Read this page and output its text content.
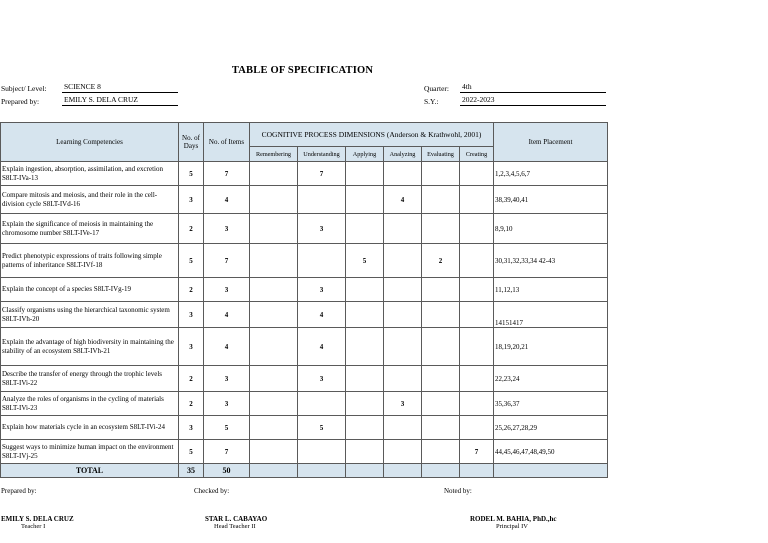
TABLE OF SPECIFICATION
Subject/ Level: SCIENCE 8
Prepared by:	EMILY S. DELA CRUZ
Quarter: 4th
S.Y.:	2022-2023
Learning Competencies	No. of Days	No. of Items	COGNITIVE PROCESS DIMENSIONS (Anderson & Krathwohl, 2001)						Item Placement
			Remembering	Understanding	Applying	Analyzing	Evaluating	Creating	
Explain ingestion, absorption, assimilation, and excretion S8LT-IVa-13	5	7		7					1,2,3,4,5,6,7
Compare mitosis and meiosis, and their role in the cell-division cycle S8LT-IVd-16	3	4				4			38,39,40,41
Explain the significance of meiosis in maintaining the chromosome number S8LT-IVe-17	2	3		3					8,9,10
Predict phenotypic expressions of traits following simple patterns of inheritance S8LT-IVf-18	5	7			5		2		30,31,32,33,34 42-43
Explain the concept of a species S8LT-IVg-19	2	3		3					11,12,13
Classify organisms using the hierarchical taxonomic system S8LT-IVh-20	3	4		4					14151417
Explain the advantage of high biodiversity in maintaining the stability of an ecosystem S8LT-IVh-21	3	4		4					18,19,20,21
Describe the transfer of energy through the trophic levels S8LT-IVi-22	2	3		3					22,23,24
Analyze the roles of organisms in the cycling of materials S8LT-IVi-23	2	3				3			35,36,37
Explain how materials cycle in an ecosystem S8LT-IVi-24	3	5		5					25,26,27,28,29
Suggest ways to minimize human impact on the environment S8LT-IVj-25	5	7						7	44,45,46,47,48,49,50
TOTAL	35	50							
Prepared by:	Checked by:	Noted by:
EMILY S. DELA CRUZ
Teacher I
STAR L. CABAYAO
Head Teacher II
RODEL M. BAHIA, PhD.,hc
Principal IV
